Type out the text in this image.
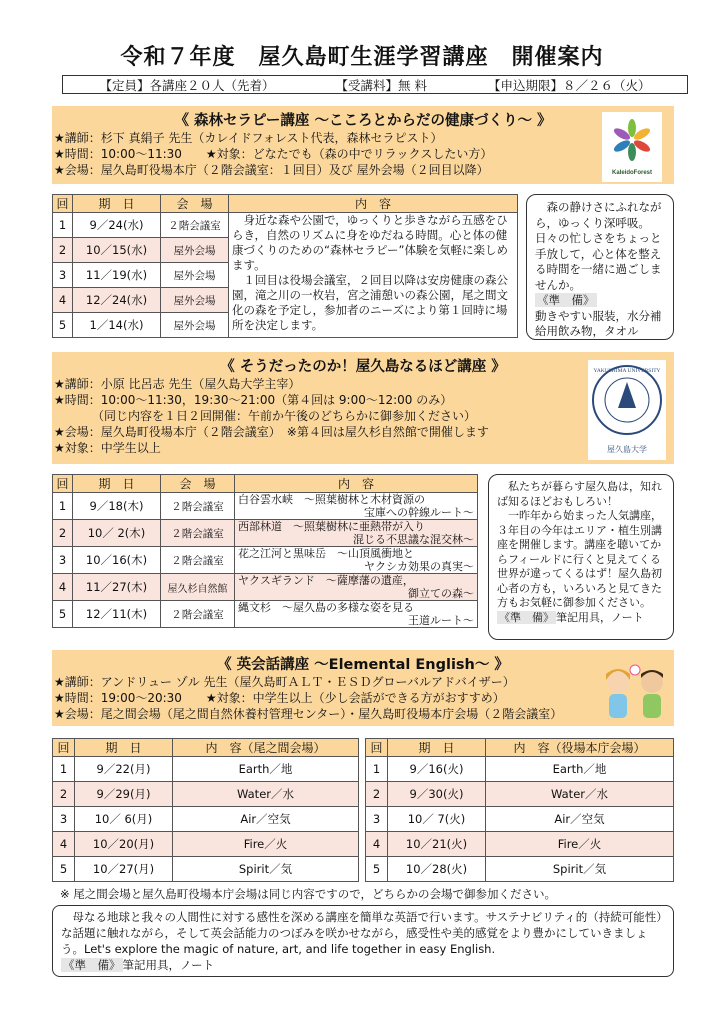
令和７年度　屋久島町生涯学習講座　開催案内
【定員】各講座２０人（先着）	【受講料】無 料	【申込期限】８／２６（火）
《 森林セラピー講座 〜こころとからだの健康づくり〜 》
★講師：杉下 真絹子 先生（カレイドフォレスト代表，森林セラピスト）
★時間：10:00〜11:30　　★対象：どなたでも（森の中でリラックスしたい方）
★会場：屋久島町役場本庁（２階会議室：１回目）及び 屋外会場（２回目以降）	KaleidoForest
回	期　日	会　場	内　容
1	9／24(水)	２階会議室	　身近な森や公園で，ゆっくりと歩きながら五感をひらき，自然のリズムに身をゆだねる時間。心と体の健康づくりのための“森林セラピー”体験を気軽に楽しめます。
　１回目は役場会議室，２回目以降は安房健康の森公園，滝之川の一枚岩，宮之浦憩いの森公園，尾之間文化の森を予定し，参加者のニーズにより第１回時に場所を決定します。
2	10／15(水)	屋外会場	
3	11／19(水)	屋外会場	
4	12／24(水)	屋外会場	
5	1／14(水)	屋外会場	
　森の静けさにふれながら，ゆっくり深呼吸。日々の忙しさをちょっと手放して，心と体を整える時間を一緒に過ごしませんか。
《準　備》
動きやすい服装，水分補給用飲み物，タオル
《 そうだったのか！屋久島なるほど講座 》
★講師：小原 比呂志 先生（屋久島大学主宰）
★時間：10:00〜11:30，19:30〜21:00（第４回は 9:00〜12:00 のみ）
（同じ内容を１日２回開催：午前か午後のどちらかに御参加ください）
★会場：屋久島町役場本庁（２階会議室）　※第４回は屋久杉自然館で開催します
★対象：中学生以上
YAKUSHIMA UNIVERSITY
屋久島大学
回	期　日	会　場	内　容
1	9／18(木)	２階会議室	白谷雲水峡　〜照葉樹林と木材資源の
宝庫への幹線ルート〜

2	10／ 2(木)	２階会議室	西部林道　〜照葉樹林に亜熱帯が入り
混じる不思議な混交林〜

3	10／16(木)	２階会議室	花之江河と黒味岳　〜山頂風衝地と
ヤクシカ効果の真実〜

4	11／27(木)	屋久杉自然館	ヤクスギランド　〜薩摩藩の遺産，
御立ての森〜

5	12／11(木)	２階会議室	縄文杉　〜屋久島の多様な姿を見る
王道ルート〜
　私たちが暮らす屋久島は，知れば知るほどおもしろい！
　一昨年から始まった人気講座，３年目の今年はエリア・植生別講座を開催します。講座を聴いてからフィールドに行くと見えてくる世界が違ってくるはず！屋久島初心者の方も，いろいろと見てきた方もお気軽に御参加ください。
《準　備》 筆記用具，ノート
《 英会話講座 〜Elemental English〜 》
★講師：アンドリュー ゾル 先生（屋久島町ＡＬＴ・ＥＳＤグローバルアドバイザー）
★時間：19:00〜20:30　　★対象：中学生以上（少し会話ができる方がおすすめ）
★会場：尾之間会場（尾之間自然休養村管理センター）・屋久島町役場本庁会場（２階会議室）
回	期　日	内　容（尾之間会場）
1	9／22(月)	Earth／地
2	9／29(月)	Water／水
3	10／ 6(月)	Air／空気
4	10／20(月)	Fire／火
5	10／27(月)	Spirit／気
回	期　日	内　容（役場本庁会場）
1	9／16(火)	Earth／地
2	9／30(火)	Water／水
3	10／ 7(火)	Air／空気
4	10／21(火)	Fire／火
5	10／28(火)	Spirit／気
※ 尾之間会場と屋久島町役場本庁会場は同じ内容ですので，どちらかの会場で御参加ください。
　母なる地球と我々の人間性に対する感性を深める講座を簡単な英語で行います。サステナビリティ的（持続可能性）な話題に触れながら，そして英会話能力のつぼみを咲かせながら，感受性や美的感覚をより豊かにしていきましょう。Let's explore the magic of nature, art, and life together in easy English.
《準　備》 筆記用具，ノート
